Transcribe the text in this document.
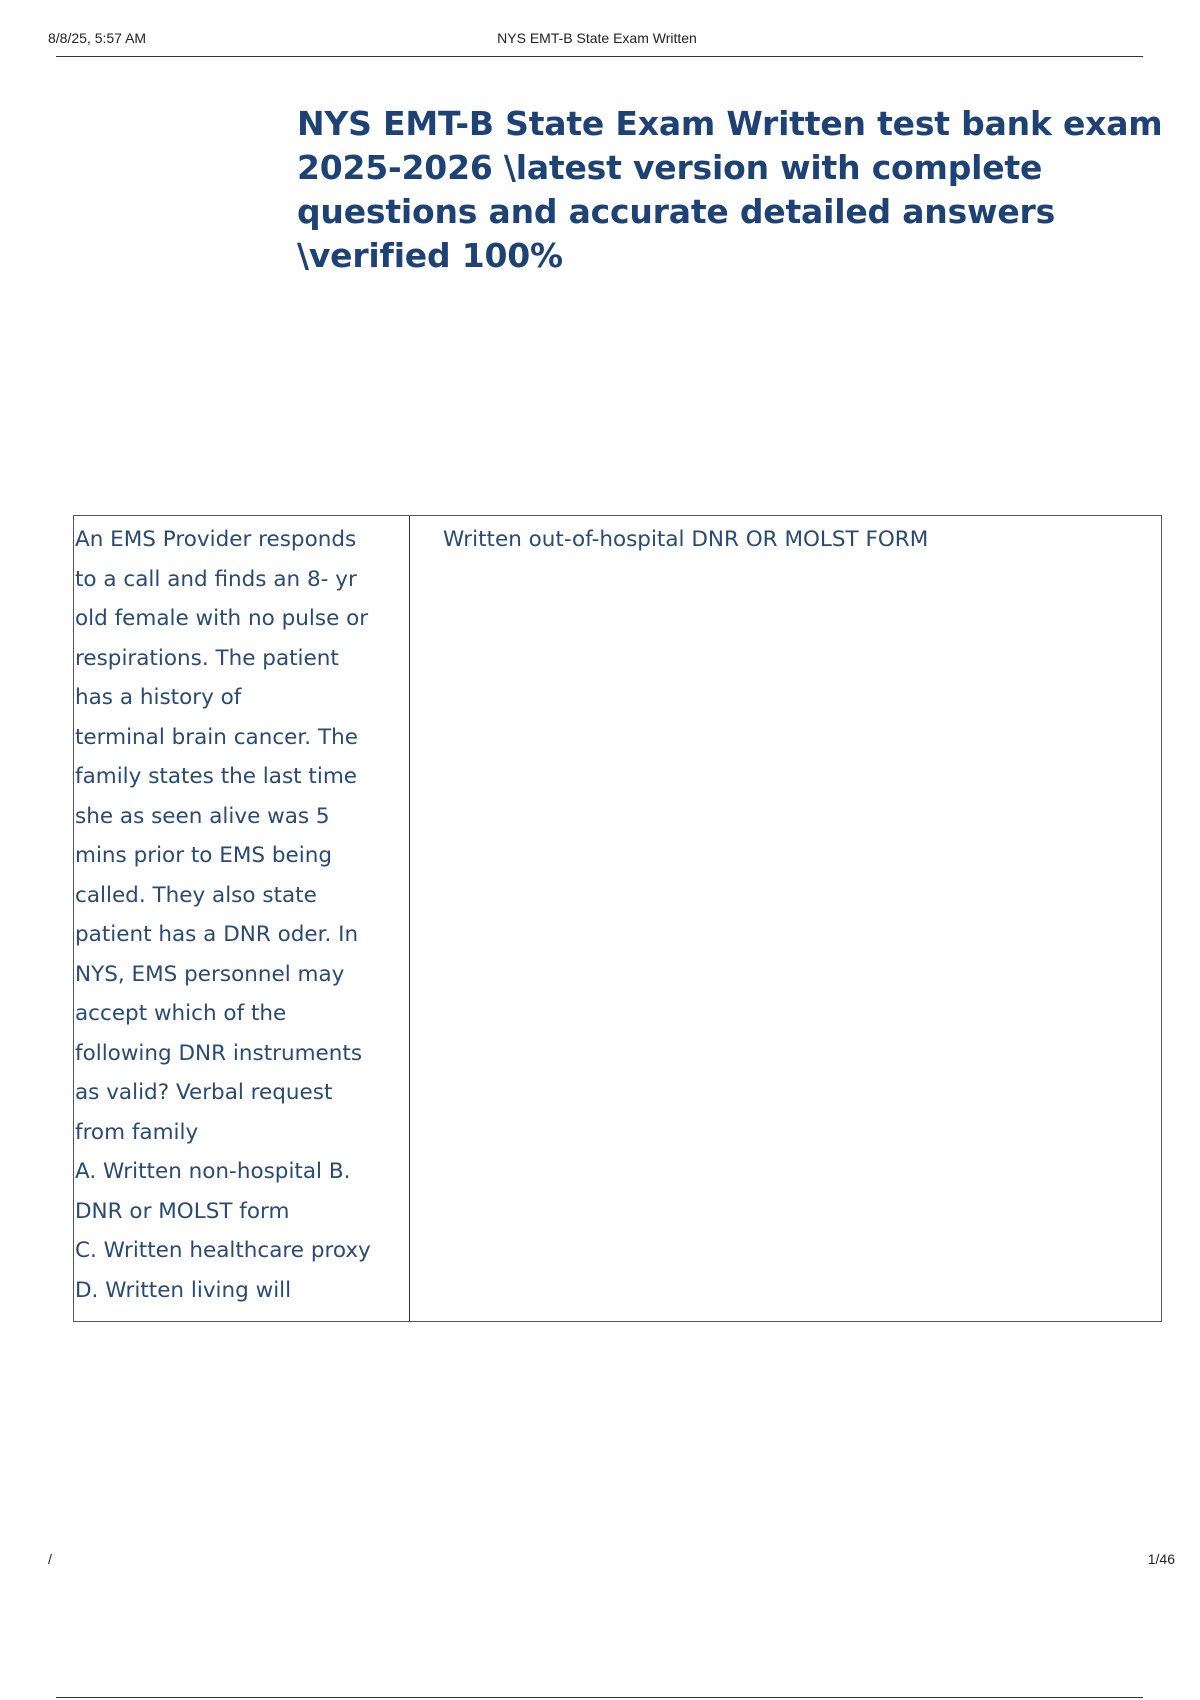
8/8/25, 5:57 AM	NYS EMT-B State Exam Written
NYS EMT-B State Exam Written test bank exam 2025-2026 \latest version with complete questions and accurate detailed answers \verified 100%
An EMS Provider responds
to a call and finds an 8- yr
old female with no pulse or
respirations. The patient
has a history of
terminal brain cancer. The
family states the last time
she as seen alive was 5
mins prior to EMS being
called. They also state
patient has a DNR oder. In
NYS, EMS personnel may
accept which of the
following DNR instruments
as valid? Verbal request
from family
A. Written non-hospital B.
DNR or MOLST form
C. Written healthcare proxy
D. Written living will
Written out-of-hospital DNR OR MOLST FORM
/	1/46
